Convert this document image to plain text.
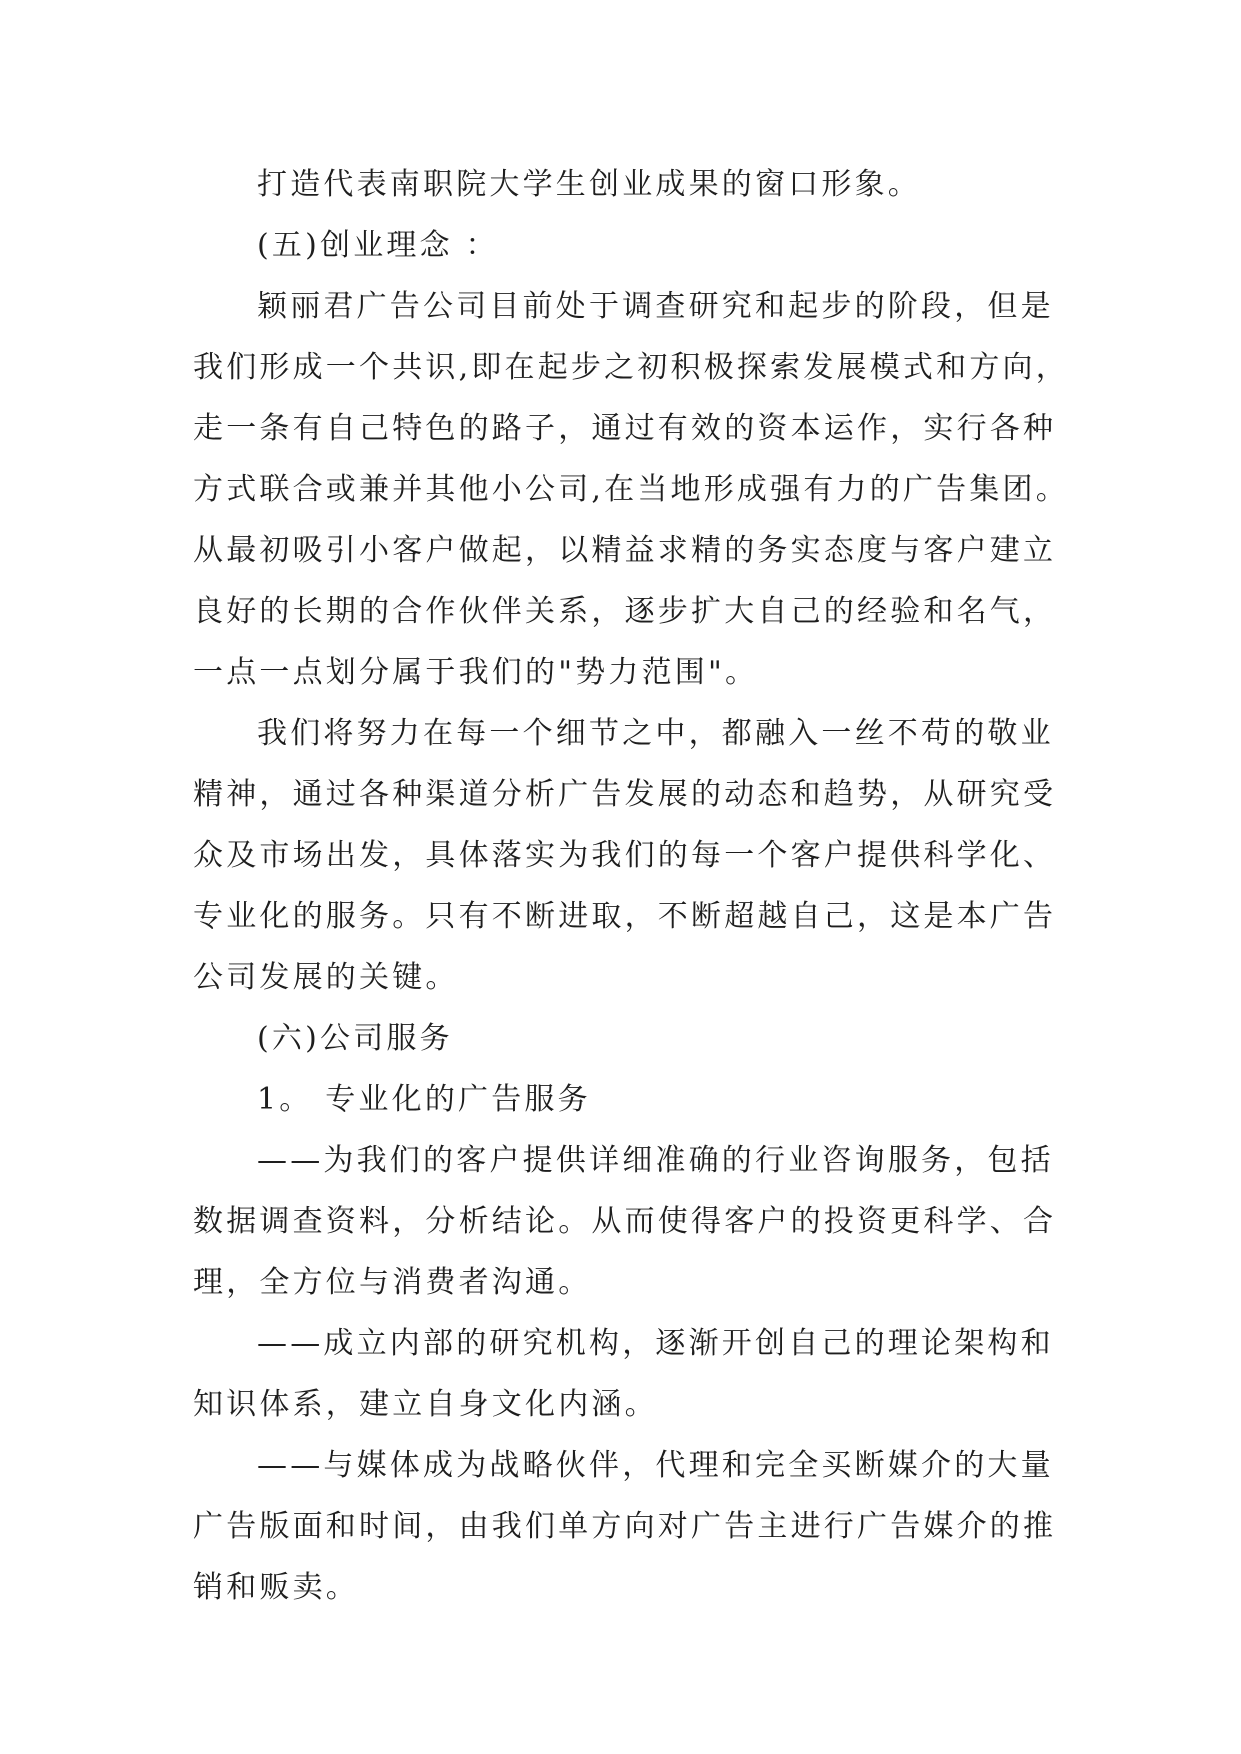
打造代表南职院大学生创业成果的窗口形象。
(五)创业理念 ：
颖丽君广告公司目前处于调查研究和起步的阶段，但是
我们形成一个共识,即在起步之初积极探索发展模式和方向，
走一条有自己特色的路子，通过有效的资本运作，实行各种
方式联合或兼并其他小公司,在当地形成强有力的广告集团。
从最初吸引小客户做起，以精益求精的务实态度与客户建立
良好的长期的合作伙伴关系，逐步扩大自己的经验和名气，
一点一点划分属于我们的"势力范围"。
我们将努力在每一个细节之中，都融入一丝不苟的敬业
精神，通过各种渠道分析广告发展的动态和趋势，从研究受
众及市场出发，具体落实为我们的每一个客户提供科学化、
专业化的服务。只有不断进取，不断超越自己，这是本广告
公司发展的关键。
(六)公司服务
1。 专业化的广告服务
——为我们的客户提供详细准确的行业咨询服务，包括
数据调查资料，分析结论。从而使得客户的投资更科学、合
理，全方位与消费者沟通。
——成立内部的研究机构，逐渐开创自己的理论架构和
知识体系，建立自身文化内涵。
——与媒体成为战略伙伴，代理和完全买断媒介的大量
广告版面和时间，由我们单方向对广告主进行广告媒介的推
销和贩卖。
